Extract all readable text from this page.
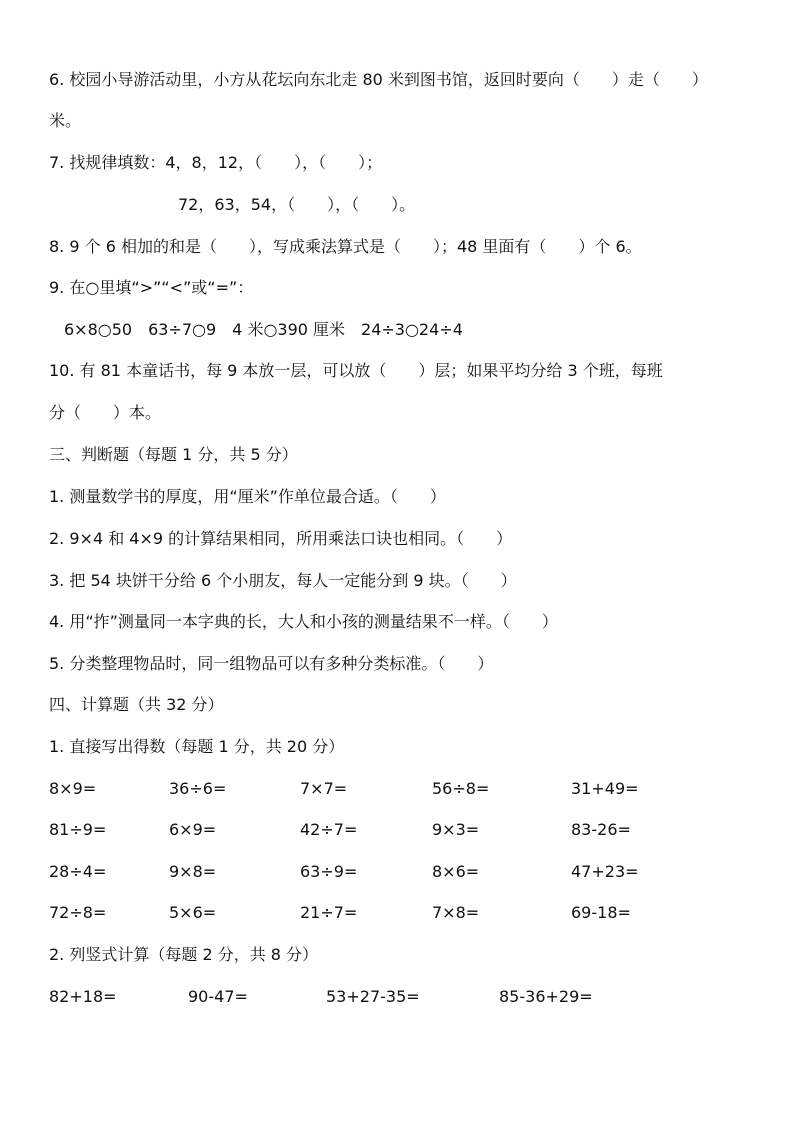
6. 校园小导游活动里，小方从花坛向东北走 80 米到图书馆，返回时要向（　　）走（　　）
米。
7. 找规律填数：4，8，12，（　　），（　　）；
72，63，54，（　　），（　　）。
8. 9 个 6 相加的和是（　　），写成乘法算式是（　　）；48 里面有（　　）个 6。
9. 在○里填“>”“<”或“=”：
6×8○50　63÷7○9　4 米○390 厘米　24÷3○24÷4
10. 有 81 本童话书，每 9 本放一层，可以放（　　）层；如果平均分给 3 个班，每班
分（　　）本。
三、判断题（每题 1 分，共 5 分）
1. 测量数学书的厚度，用“厘米”作单位最合适。（　　）
2. 9×4 和 4×9 的计算结果相同，所用乘法口诀也相同。（　　）
3. 把 54 块饼干分给 6 个小朋友，每人一定能分到 9 块。（　　）
4. 用“拃”测量同一本字典的长，大人和小孩的测量结果不一样。（　　）
5. 分类整理物品时，同一组物品可以有多种分类标准。（　　）
四、计算题（共 32 分）
1. 直接写出得数（每题 1 分，共 20 分）
8×9=	36÷6=	7×7=	56÷8=	31+49=
81÷9=	6×9=	42÷7=	9×3=	83-26=
28÷4=	9×8=	63÷9=	8×6=	47+23=
72÷8=	5×6=	21÷7=	7×8=	69-18=
2. 列竖式计算（每题 2 分，共 8 分）
82+18=	90-47=	53+27-35=	85-36+29=
